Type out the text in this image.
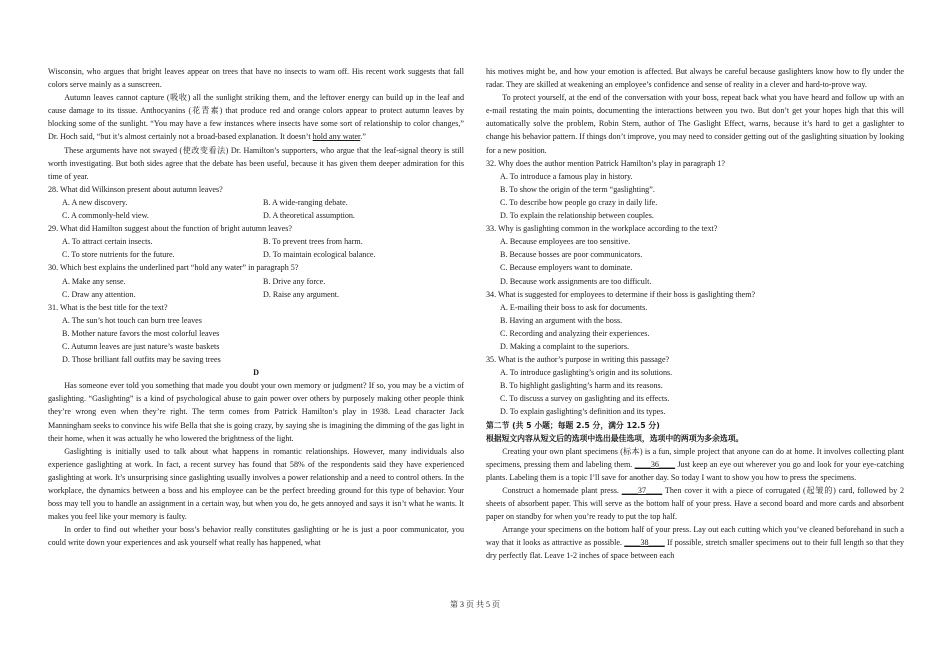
Wisconsin, who argues that bright leaves appear on trees that have no insects to warn off. His recent work suggests that fall colors serve mainly as a sunscreen.

Autumn leaves cannot capture (吸收) all the sunlight striking them, and the leftover energy can build up in the leaf and cause damage to its tissue. Anthocyanins (花青素) that produce red and orange colors appear to protect autumn leaves by blocking some of the sunlight. “You may have a few instances where insects have some sort of relationship to color changes,” Dr. Hoch said, “but it’s almost certainly not a broad-based explanation. It doesn’t hold any water.”

These arguments have not swayed (使改变看法) Dr. Hamilton’s supporters, who argue that the leaf-signal theory is still worth investigating. But both sides agree that the debate has been useful, because it has given them deeper admiration for this time of year.

28. What did Wilkinson present about autumn leaves?

A. A new discovery.	B. A wide-ranging debate.
C. A commonly-held view.	D. A theoretical assumption.

29. What did Hamilton suggest about the function of bright autumn leaves?

A. To attract certain insects.	B. To prevent trees from harm.
C. To store nutrients for the future.	D. To maintain ecological balance.

30. Which best explains the underlined part “hold any water” in paragraph 5?

A. Make any sense.	B. Drive any force.
C. Draw any attention.	D. Raise any argument.

31. What is the best title for the text?

A. The sun’s hot touch can burn tree leaves
B. Mother nature favors the most colorful leaves
C. Autumn leaves are just nature’s waste baskets
D. Those brilliant fall outfits may be saving trees

D

Has someone ever told you something that made you doubt your own memory or judgment? If so, you may be a victim of gaslighting. “Gaslighting” is a kind of psychological abuse to gain power over others by purposely making other people think they’re wrong even when they’re right. The term comes from Patrick Hamilton’s play in 1938. Lead character Jack Manningham seeks to convince his wife Bella that she is going crazy, by saying she is imagining the dimming of the gas light in their home, when it was actually he who lowered the brightness of the light.

Gaslighting is initially used to talk about what happens in romantic relationships. However, many individuals also experience gaslighting at work. In fact, a recent survey has found that 58% of the respondents said they have experienced gaslighting at work. It’s unsurprising since gaslighting usually involves a power relationship and a need to control others. In the workplace, the dynamics between a boss and his employee can be the perfect breeding ground for this type of behavior. Your boss may tell you to handle an assignment in a certain way, but when you do, he gets annoyed and says it isn’t what he wants. It makes you feel like your memory is faulty.

In order to find out whether your boss’s behavior really constitutes gaslighting or he is just a poor communicator, you could write down your experiences and ask yourself what really has happened, what

his motives might be, and how your emotion is affected. But always be careful because gaslighters know how to fly under the radar. They are skilled at weakening an employee’s confidence and sense of reality in a clever and hard-to-prove way.

To protect yourself, at the end of the conversation with your boss, repeat back what you have heard and follow up with an e-mail restating the main points, documenting the interactions between you two. But don’t get your hopes high that this will automatically solve the problem, Robin Stern, author of The Gaslight Effect, warns, because it’s hard to get a gaslighter to change his behavior pattern. If things don’t improve, you may need to consider getting out of the gaslighting situation by looking for a new position.

32. Why does the author mention Patrick Hamilton’s play in paragraph 1?

A. To introduce a famous play in history.
B. To show the origin of the term “gaslighting”.
C. To describe how people go crazy in daily life.
D. To explain the relationship between couples.

33. Why is gaslighting common in the workplace according to the text?

A. Because employees are too sensitive.
B. Because bosses are poor communicators.
C. Because employers want to dominate.
D. Because work assignments are too difficult.

34. What is suggested for employees to determine if their boss is gaslighting them?

A. E-mailing their boss to ask for documents.
B. Having an argument with the boss.
C. Recording and analyzing their experiences.
D. Making a complaint to the superiors.

35. What is the author’s purpose in writing this passage?

A. To introduce gaslighting’s origin and its solutions.
B. To highlight gaslighting’s harm and its reasons.
C. To discuss a survey on gaslighting and its effects.
D. To explain gaslighting’s definition and its types.

第二节 (共 5 小题；每题 2.5 分，满分 12.5 分)

根据短文内容从短文后的选项中选出最佳选项，选项中的两项为多余选项。

Creating your own plant specimens (标本) is a fun, simple project that anyone can do at home. It involves collecting plant specimens, pressing them and labeling them. ____36____ Just keep an eye out wherever you go and look for your eye-catching plants. Labeling them is a topic I’ll save for another day. So today I want to show you how to press the specimens.

Construct a homemade plant press. ____37____ Then cover it with a piece of corrugated (起皱的) card, followed by 2 sheets of absorbent paper. This will serve as the bottom half of your press. Have a second board and more cards and absorbent paper on standby for when you’re ready to put the top half.

Arrange your specimens on the bottom half of your press. Lay out each cutting which you’ve cleaned beforehand in such a way that it looks as attractive as possible. ____38____ If possible, stretch smaller specimens out to their full length so that they dry perfectly flat. Leave 1-2 inches of space between each

第 3 页 共 5 页
